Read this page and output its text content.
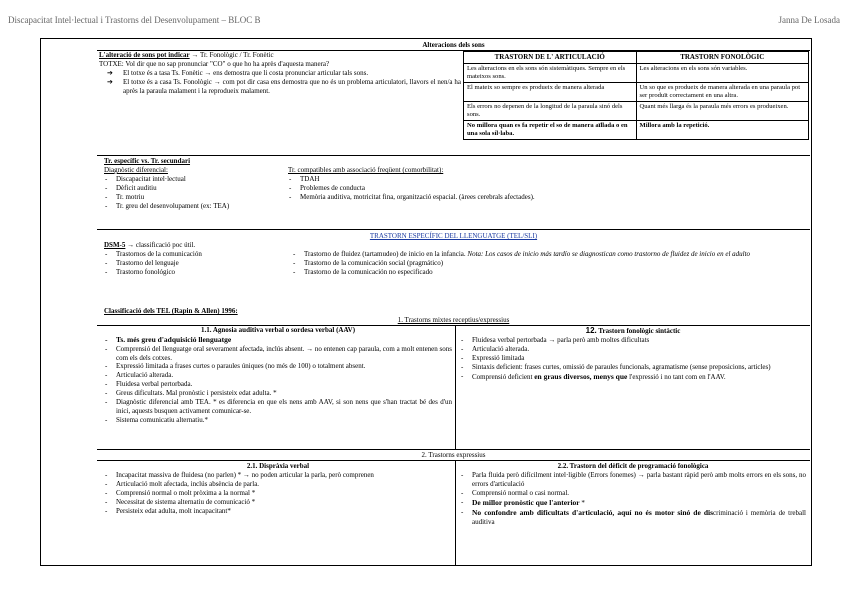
Discapacitat Intel·lectual i Trastorns del Desenvolupament – BLOC B	Janna De Losada
Alteracions dels sons
L'alteració de sons pot indicar → Tr. Fonològic / Tr. Fonètic
TOTXE: Vol dir que no sap pronunciar "CO" o que ho ha après d'aquesta manera?
➔ El totxe és a tasa Ts. Fonètic → ens demostra que li costa pronunciar articular tals sons.
➔ El totxe és a casa Ts. Fonològic → com pot dir casa ens demostra que no és un problema articulatori, llavors el nen/a ha après la paraula malament i la reprodueix malament.
TRASTORN DE L' ARTICULACIÓ	TRASTORN FONOLÒGIC
Les alteracions en els sons són sistemàtiques. Sempre en els mateixos sons.	Les alteracions en els sons són variables.
El mateix so sempre es produeix de manera alterada	Un so que es produeix de manera alterada en una paraula pot ser produït correctament en una altra.
Els errors no depenen de la longitud de la paraula sinó dels sons.	Quant més llarga és la paraula més errors es produeixen.
No millora quan es fa repetir el so de manera aïllada o en una sola síl·laba.	Millora amb la repetició.
Tr. específic vs. Tr. secundari
Diagnòstic diferencial:
- Discapacitat intel·lectual
- Dèficit auditiu
- Tr. motriu
- Tr. greu del desenvolupament (ex: TEA)
Tr. compatibles amb associació freqüent (comorbilitat):
- TDAH
- Problemes de conducta
- Memòria auditiva, motricitat fina, organització espacial. (àrees cerebrals afectades).
TRASTORN ESPECÍFIC DEL LLENGUATGE (TEL/SLI)
DSM-5 → classificació poc útil.
- Trastornos de la comunicación
- Trastorno del lenguaje
- Trastorno fonológico
- Trastorno de fluidez (tartamudeo) de inicio en la infancia. Nota: Los casos de inicio más tardío se diagnostican como trastorno de fluidez de inicio en el adulto
- Trastorno de la comunicación social (pragmático)
- Trastorno de la comunicación no especificado
Classificació dels TEL (Rapin & Allen) 1996:
1. Trastorns mixtes receptius/expressius
1.1. Agnosia auditiva verbal o sordesa verbal (AAV)
- Ts. més greu d'adquisició llenguatge
- Comprensió del llenguatge oral severament afectada, inclús absent. → no entenen cap paraula, com a molt entenen sons com els dels cotxes.
- Expressió limitada a frases curtes o paraules úniques (no més de 100) o totalment absent.
- Articulació alterada.
- Fluidesa verbal pertorbada.
- Greus dificultats. Mal pronòstic i persisteix edat adulta. *
- Diagnòstic diferencial amb TEA. * es diferencia en que els nens amb AAV, si son nens que s'han tractat bé des d'un inici, aquests busquen activament comunicar-se.
- Sistema comunicatiu alternatiu.*
12. Trastorn fonològic sintàctic
- Fluidesa verbal pertorbada → parla però amb moltes dificultats
- Articulació alterada.
- Expressió limitada
- Sintaxis deficient: frases curtes, omissió de paraules funcionals, agramatisme (sense preposicions, articles)
- Comprensió deficient en graus diversos, menys que l'expressió i no tant com en l'AAV.
2. Trastorns expressius
2.1. Dispràxia verbal
- Incapacitat massiva de fluidesa (no parlen) * → no poden articular la parla, però comprenen
- Articulació molt afectada, inclús absència de parla.
- Comprensió normal o molt pròxima a la normal *
- Necessitat de sistema alternatiu de comunicació *
- Persisteix edat adulta, molt incapacitant*
2.2. Trastorn del dèficit de programació fonològica
- Parla fluida però difícilment intel·ligible (Errors fonemes) → parla bastant ràpid però amb molts errors en els sons, no errors d'articulació
- Comprensió normal o casi normal.
- De millor pronòstic que l'anterior *
- No confondre amb dificultats d'articulació, aquí no és motor sinó de discriminació i memòria de treball auditiva
